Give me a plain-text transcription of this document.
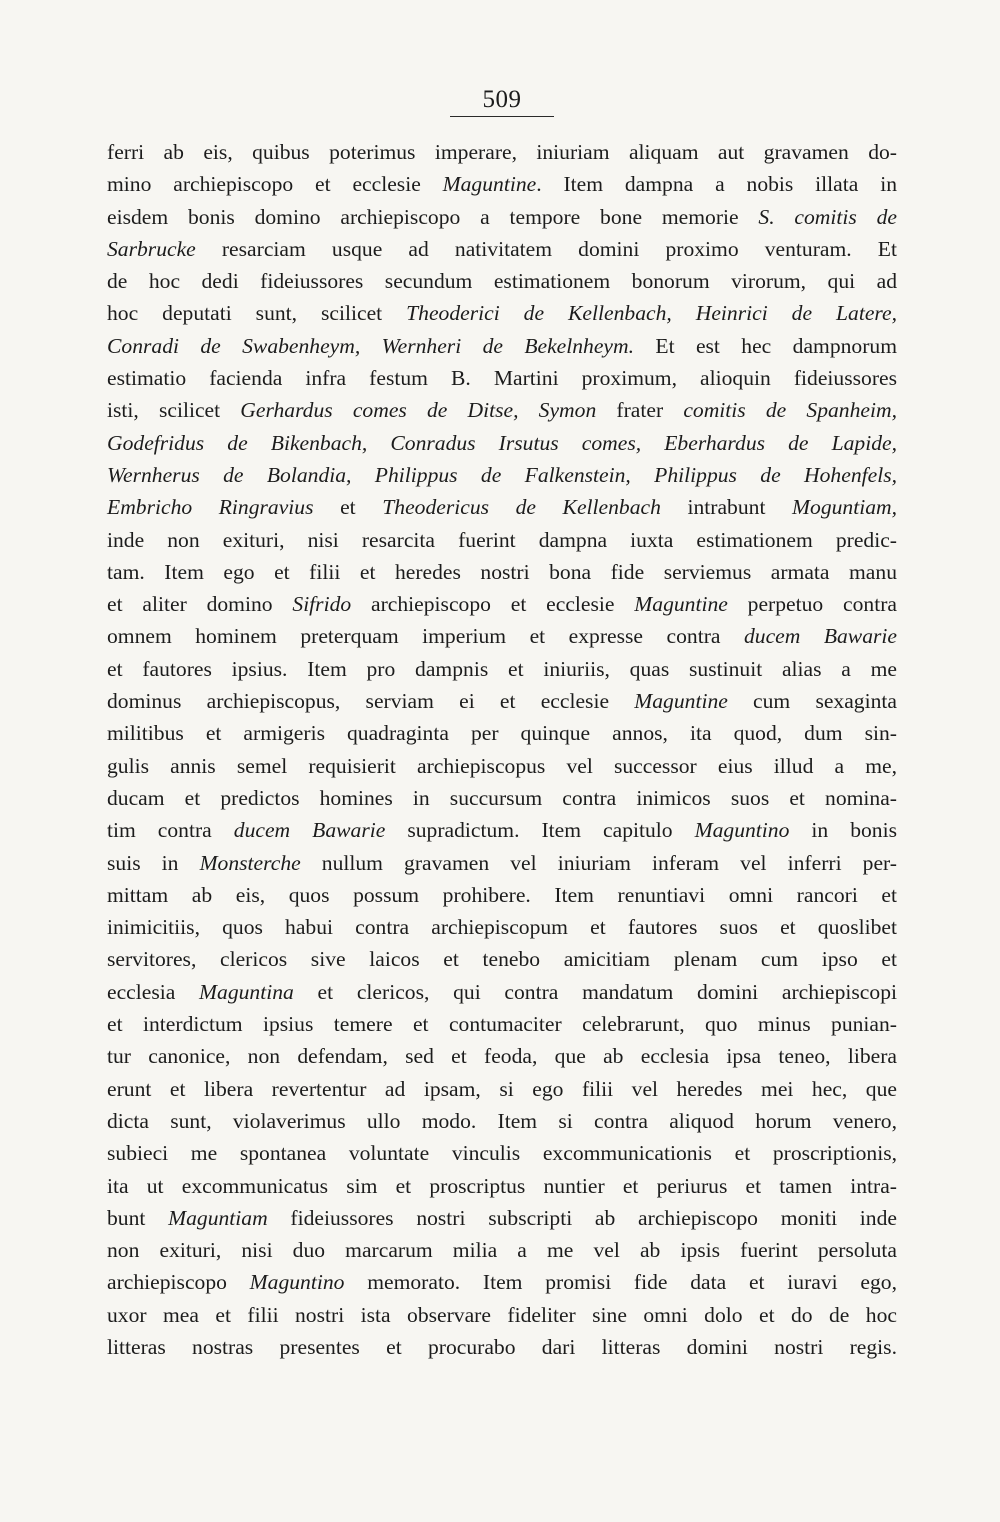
509
ferri ab eis, quibus poterimus imperare, iniuriam aliquam aut gravamen do-
mino archiepiscopo et ecclesie Maguntine. Item dampna a nobis illata in
eisdem bonis domino archiepiscopo a tempore bone memorie S. comitis de
Sarbrucke resarciam usque ad nativitatem domini proximo venturam. Et
de hoc dedi fideiussores secundum estimationem bonorum virorum, qui ad
hoc deputati sunt, scilicet Theoderici de Kellenbach, Heinrici de Latere,
Conradi de Swabenheym, Wernheri de Bekelnheym. Et est hec dampnorum
estimatio facienda infra festum B. Martini proximum, alioquin fideiussores
isti, scilicet Gerhardus comes de Ditse, Symon frater comitis de Spanheim,
Godefridus de Bikenbach, Conradus Irsutus comes, Eberhardus de Lapide,
Wernherus de Bolandia, Philippus de Falkenstein, Philippus de Hohenfels,
Embricho Ringravius et Theodericus de Kellenbach intrabunt Moguntiam,
inde non exituri, nisi resarcita fuerint dampna iuxta estimationem predic-
tam. Item ego et filii et heredes nostri bona fide serviemus armata manu
et aliter domino Sifrido archiepiscopo et ecclesie Maguntine perpetuo contra
omnem hominem preterquam imperium et expresse contra ducem Bawarie
et fautores ipsius. Item pro dampnis et iniuriis, quas sustinuit alias a me
dominus archiepiscopus, serviam ei et ecclesie Maguntine cum sexaginta
militibus et armigeris quadraginta per quinque annos, ita quod, dum sin-
gulis annis semel requisierit archiepiscopus vel successor eius illud a me,
ducam et predictos homines in succursum contra inimicos suos et nomina-
tim contra ducem Bawarie supradictum. Item capitulo Maguntino in bonis
suis in Monsterche nullum gravamen vel iniuriam inferam vel inferri per-
mittam ab eis, quos possum prohibere. Item renuntiavi omni rancori et
inimicitiis, quos habui contra archiepiscopum et fautores suos et quoslibet
servitores, clericos sive laicos et tenebo amicitiam plenam cum ipso et
ecclesia Maguntina et clericos, qui contra mandatum domini archiepiscopi
et interdictum ipsius temere et contumaciter celebrarunt, quo minus punian-
tur canonice, non defendam, sed et feoda, que ab ecclesia ipsa teneo, libera
erunt et libera revertentur ad ipsam, si ego filii vel heredes mei hec, que
dicta sunt, violaverimus ullo modo. Item si contra aliquod horum venero,
subieci me spontanea voluntate vinculis excommunicationis et proscriptionis,
ita ut excommunicatus sim et proscriptus nuntier et periurus et tamen intra-
bunt Maguntiam fideiussores nostri subscripti ab archiepiscopo moniti inde
non exituri, nisi duo marcarum milia a me vel ab ipsis fuerint persoluta
archiepiscopo Maguntino memorato. Item promisi fide data et iuravi ego,
uxor mea et filii nostri ista observare fideliter sine omni dolo et do de hoc
litteras nostras presentes et procurabo dari litteras domini nostri regis.
